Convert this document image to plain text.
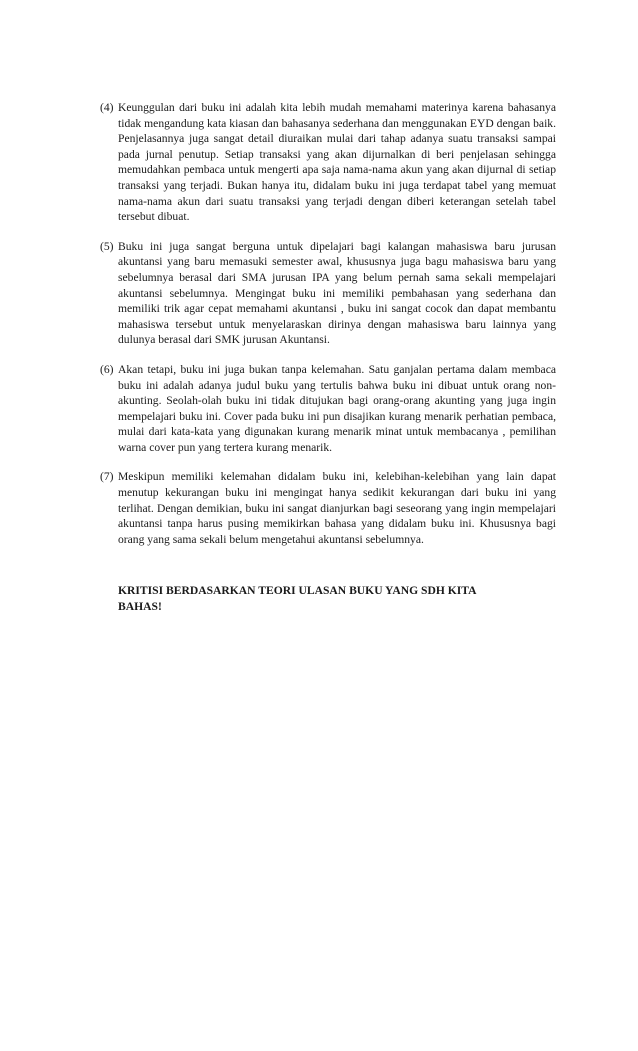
(4) Keunggulan dari buku ini adalah kita lebih mudah memahami materinya karena bahasanya tidak mengandung kata kiasan dan bahasanya sederhana dan menggunakan EYD dengan baik. Penjelasannya juga sangat detail diuraikan mulai dari tahap adanya suatu transaksi sampai pada jurnal penutup. Setiap transaksi yang akan dijurnalkan di beri penjelasan sehingga memudahkan pembaca untuk mengerti apa saja nama-nama akun yang akan dijurnal di setiap transaksi yang terjadi. Bukan hanya itu, didalam buku ini juga terdapat tabel yang memuat nama-nama akun dari suatu transaksi yang terjadi dengan diberi keterangan setelah tabel tersebut dibuat.
(5) Buku ini juga sangat berguna untuk dipelajari bagi kalangan mahasiswa baru jurusan akuntansi yang baru memasuki semester awal, khususnya juga bagu mahasiswa baru yang sebelumnya berasal dari SMA jurusan IPA yang belum pernah sama sekali mempelajari akuntansi sebelumnya. Mengingat buku ini memiliki pembahasan yang sederhana dan memiliki trik agar cepat memahami akuntansi , buku ini sangat cocok dan dapat membantu mahasiswa tersebut untuk menyelaraskan dirinya dengan mahasiswa baru lainnya yang dulunya berasal dari SMK jurusan Akuntansi.
(6) Akan tetapi, buku ini juga bukan tanpa kelemahan. Satu ganjalan pertama dalam membaca buku ini adalah adanya judul buku yang tertulis bahwa buku ini dibuat untuk orang non-akunting. Seolah-olah buku ini tidak ditujukan bagi orang-orang akunting yang juga ingin mempelajari buku ini. Cover pada buku ini pun disajikan kurang menarik perhatian pembaca, mulai dari kata-kata yang digunakan kurang menarik minat untuk membacanya , pemilihan warna cover pun yang tertera kurang menarik.
(7) Meskipun memiliki kelemahan didalam buku ini, kelebihan-kelebihan yang lain dapat menutup kekurangan buku ini mengingat hanya sedikit kekurangan dari buku ini yang terlihat. Dengan demikian, buku ini sangat dianjurkan bagi seseorang yang ingin mempelajari akuntansi tanpa harus pusing memikirkan bahasa yang didalam buku ini. Khususnya bagi orang yang sama sekali belum mengetahui akuntansi sebelumnya.
KRITISI BERDASARKAN TEORI ULASAN BUKU YANG SDH KITA BAHAS!
